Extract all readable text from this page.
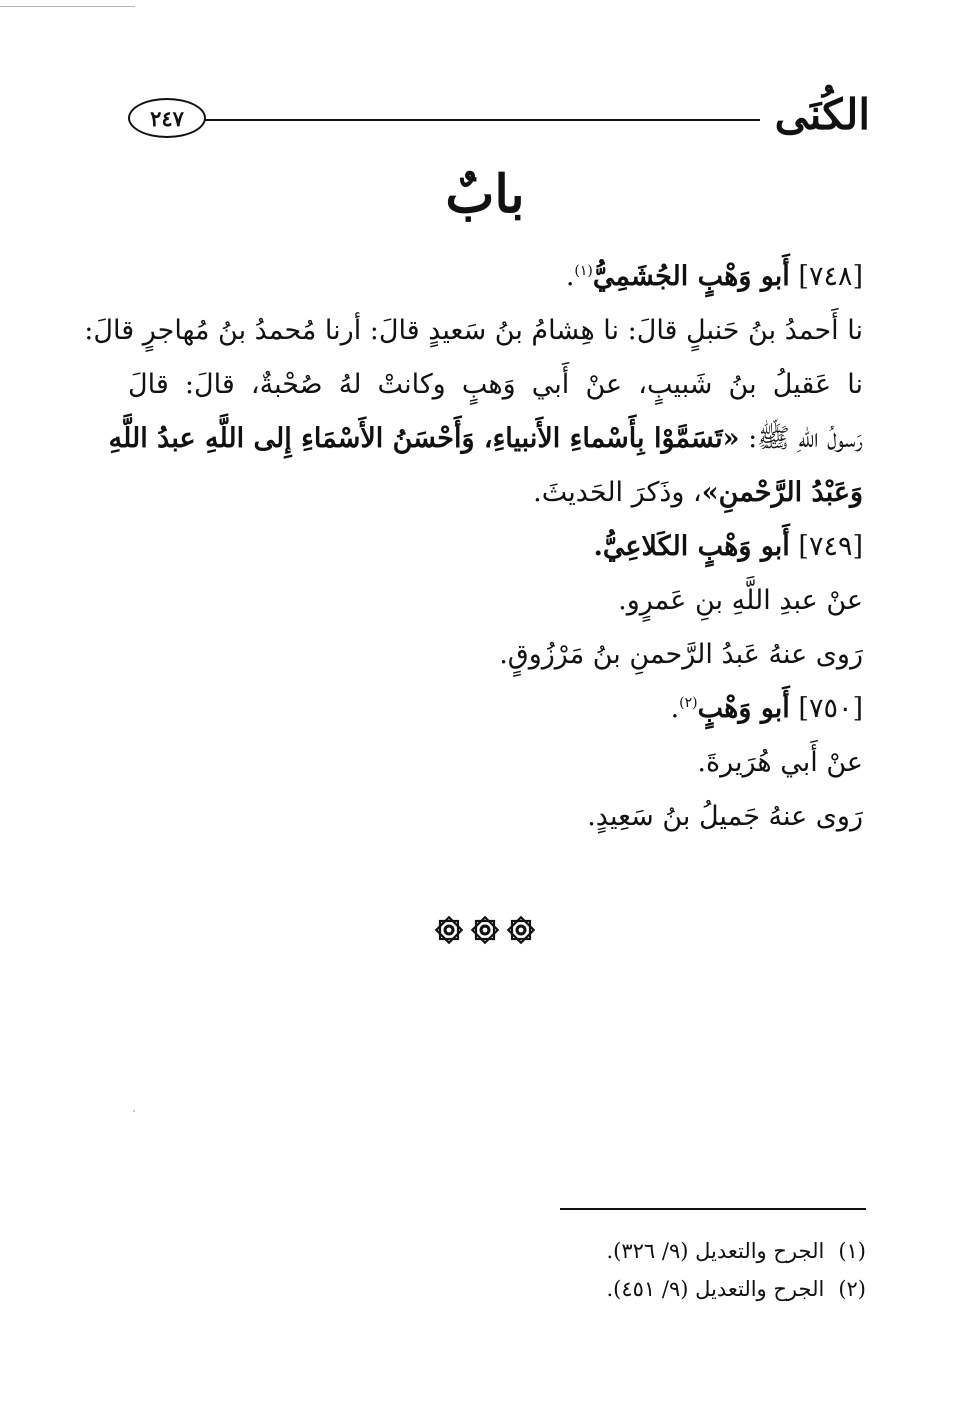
الكُنَى
٢٤٧
بابٌ
[٧٤٨] أَبو وَهْبٍ الجُشَمِيُّ$^{(١)}$.
نا أَحمدُ بنُ حَنبلٍ قالَ: نا هِشامُ بنُ سَعيدٍ قالَ: أرنا مُحمدُ بنُ مُهاجرٍ قالَ:
نا عَقيلُ بنُ شَبيبٍ، عنْ أَبي وَهبٍ وكانتْ لهُ صُحْبةٌ، قالَ: قالَ
رَسولُ اللّهِ ﷺ: «تَسَمَّوْا بِأَسْماءِ الأَنبياءِ، وَأَحْسَنُ الأَسْمَاءِ إِلى اللَّهِ عبدُ اللَّهِ
وَعَبْدُ الرَّحْمنِ»، وذَكرَ الحَديثَ.
[٧٤٩] أَبو وَهْبٍ الكَلاعِيُّ.
عنْ عبدِ اللَّهِ بنِ عَمرٍو.
رَوى عنهُ عَبدُ الرَّحمنِ بنُ مَرْزُوقٍ.
[٧٥٠] أَبو وَهْبٍ$^{(٢)}$.
عنْ أَبي هُرَيرةَ.
رَوى عنهُ جَميلُ بنُ سَعِيدٍ.
(١)الجرح والتعديل (٩/ ٣٢٦).
(٢)الجرح والتعديل (٩/ ٤٥١).
